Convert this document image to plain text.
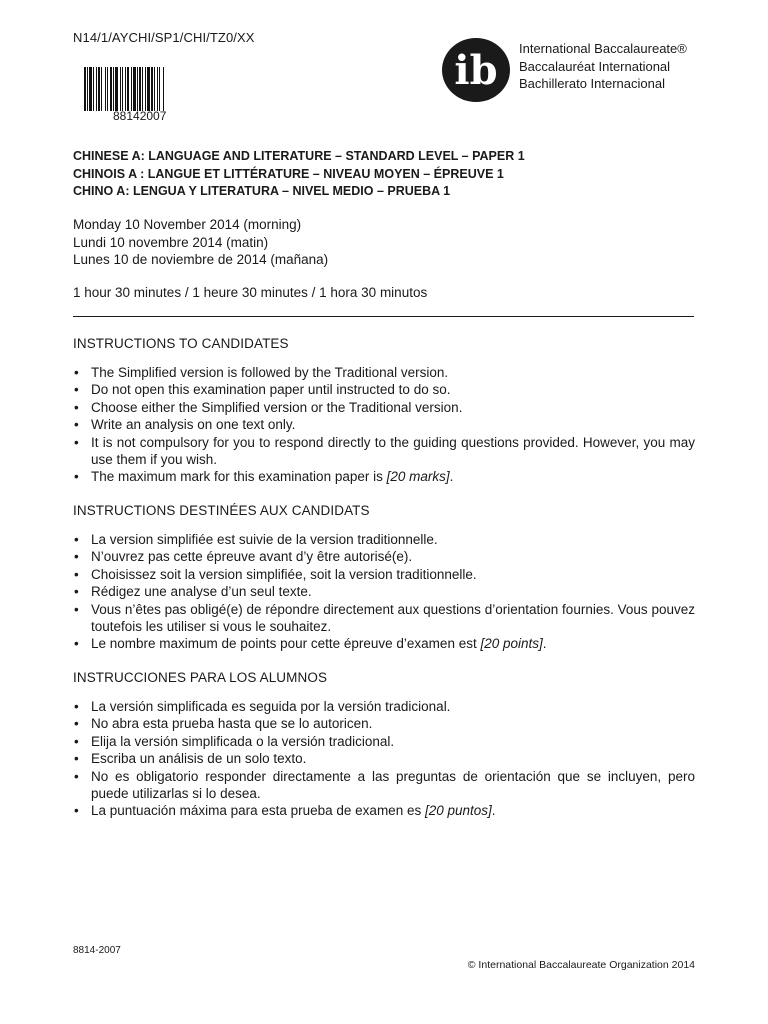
N14/1/AYCHI/SP1/CHI/TZ0/XX
88142007
ib International Baccalaureate®
Baccalauréat International
Bachillerato Internacional
CHINESE A: LANGUAGE AND LITERATURE – STANDARD LEVEL – PAPER 1
CHINOIS A : LANGUE ET LITTÉRATURE – NIVEAU MOYEN – ÉPREUVE 1
CHINO A: LENGUA Y LITERATURA – NIVEL MEDIO – PRUEBA 1
Monday 10 November 2014 (morning)
Lundi 10 novembre 2014 (matin)
Lunes 10 de noviembre de 2014 (mañana)
1 hour 30 minutes / 1 heure 30 minutes / 1 hora 30 minutos
INSTRUCTIONS TO CANDIDATES
• The Simplified version is followed by the Traditional version.
• Do not open this examination paper until instructed to do so.
• Choose either the Simplified version or the Traditional version.
• Write an analysis on one text only.
• It is not compulsory for you to respond directly to the guiding questions provided. However, you may use them if you wish.
• The maximum mark for this examination paper is [20 marks].
INSTRUCTIONS DESTINÉES AUX CANDIDATS
• La version simplifiée est suivie de la version traditionnelle.
• N’ouvrez pas cette épreuve avant d’y être autorisé(e).
• Choisissez soit la version simplifiée, soit la version traditionnelle.
• Rédigez une analyse d’un seul texte.
• Vous n’êtes pas obligé(e) de répondre directement aux questions d’orientation fournies. Vous pouvez toutefois les utiliser si vous le souhaitez.
• Le nombre maximum de points pour cette épreuve d’examen est [20 points].
INSTRUCCIONES PARA LOS ALUMNOS
• La versión simplificada es seguida por la versión tradicional.
• No abra esta prueba hasta que se lo autoricen.
• Elija la versión simplificada o la versión tradicional.
• Escriba un análisis de un solo texto.
• No es obligatorio responder directamente a las preguntas de orientación que se incluyen, pero puede utilizarlas si lo desea.
• La puntuación máxima para esta prueba de examen es [20 puntos].
8814-2007
© International Baccalaureate Organization 2014
